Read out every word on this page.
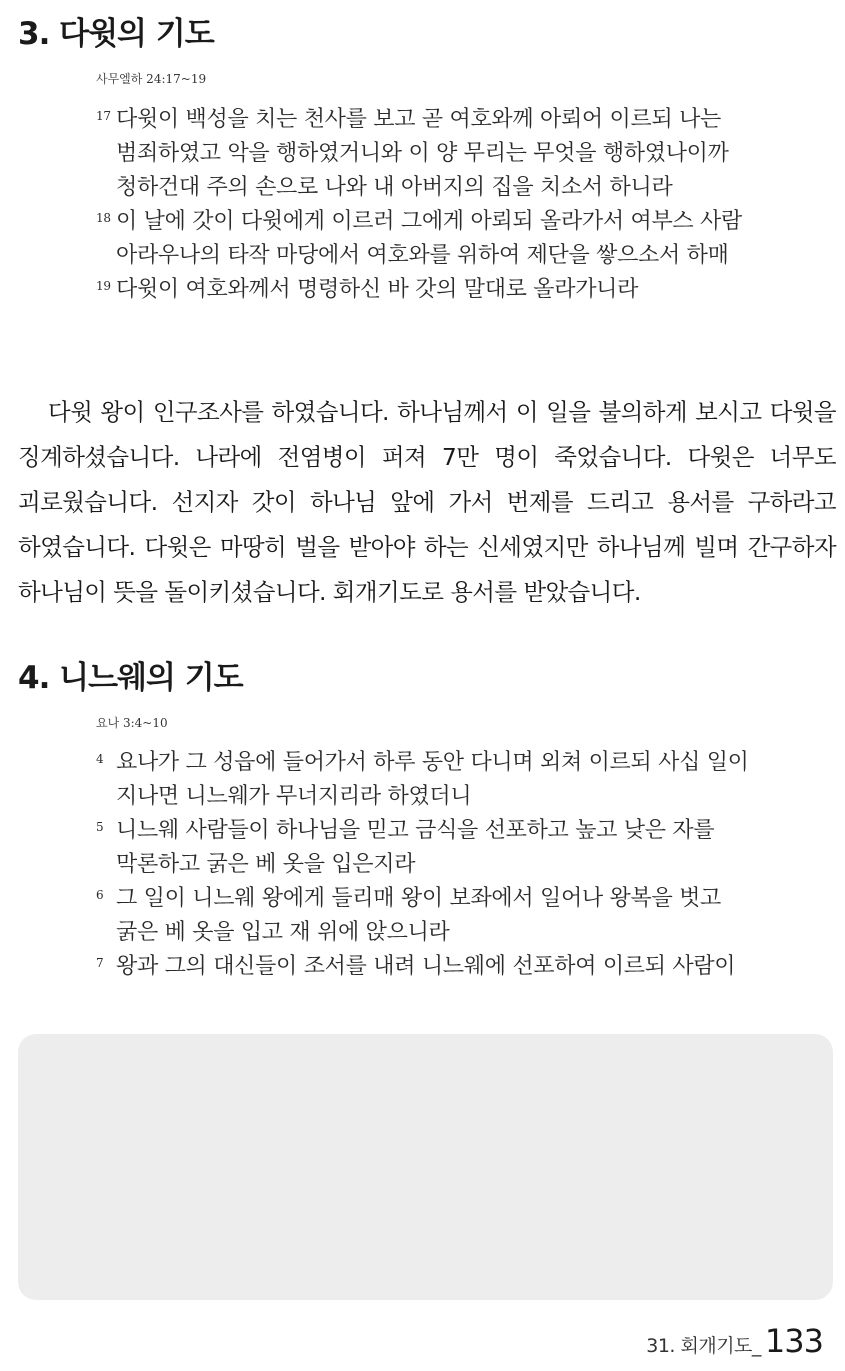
3. 다윗의 기도
사무엘하 24:17~19
17 다윗이 백성을 치는 천사를 보고 곧 여호와께 아뢰어 이르되 나는 범죄하였고 악을 행하였거니와 이 양 무리는 무엇을 행하였나이까 청하건대 주의 손으로 나와 내 아버지의 집을 치소서 하니라
18 이 날에 갓이 다윗에게 이르러 그에게 아뢰되 올라가서 여부스 사람 아라우나의 타작 마당에서 여호와를 위하여 제단을 쌓으소서 하매
19 다윗이 여호와께서 명령하신 바 갓의 말대로 올라가니라

다윗 왕이 인구조사를 하였습니다. 하나님께서 이 일을 불의하게 보시고 다윗을 징계하셨습니다. 나라에 전염병이 퍼져 7만 명이 죽었습니다. 다윗은 너무도 괴로웠습니다. 선지자 갓이 하나님 앞에 가서 번제를 드리고 용서를 구하라고 하였습니다. 다윗은 마땅히 벌을 받아야 하는 신세였지만 하나님께 빌며 간구하자 하나님이 뜻을 돌이키셨습니다. 회개기도로 용서를 받았습니다.

4. 니느웨의 기도
요나 3:4~10
4 요나가 그 성읍에 들어가서 하루 동안 다니며 외쳐 이르되 사십 일이 지나면 니느웨가 무너지리라 하였더니
5 니느웨 사람들이 하나님을 믿고 금식을 선포하고 높고 낮은 자를 막론하고 굵은 베 옷을 입은지라
6 그 일이 니느웨 왕에게 들리매 왕이 보좌에서 일어나 왕복을 벗고 굵은 베 옷을 입고 재 위에 앉으니라
7 왕과 그의 대신들이 조서를 내려 니느웨에 선포하여 이르되 사람이
31. 회개기도_ 133
